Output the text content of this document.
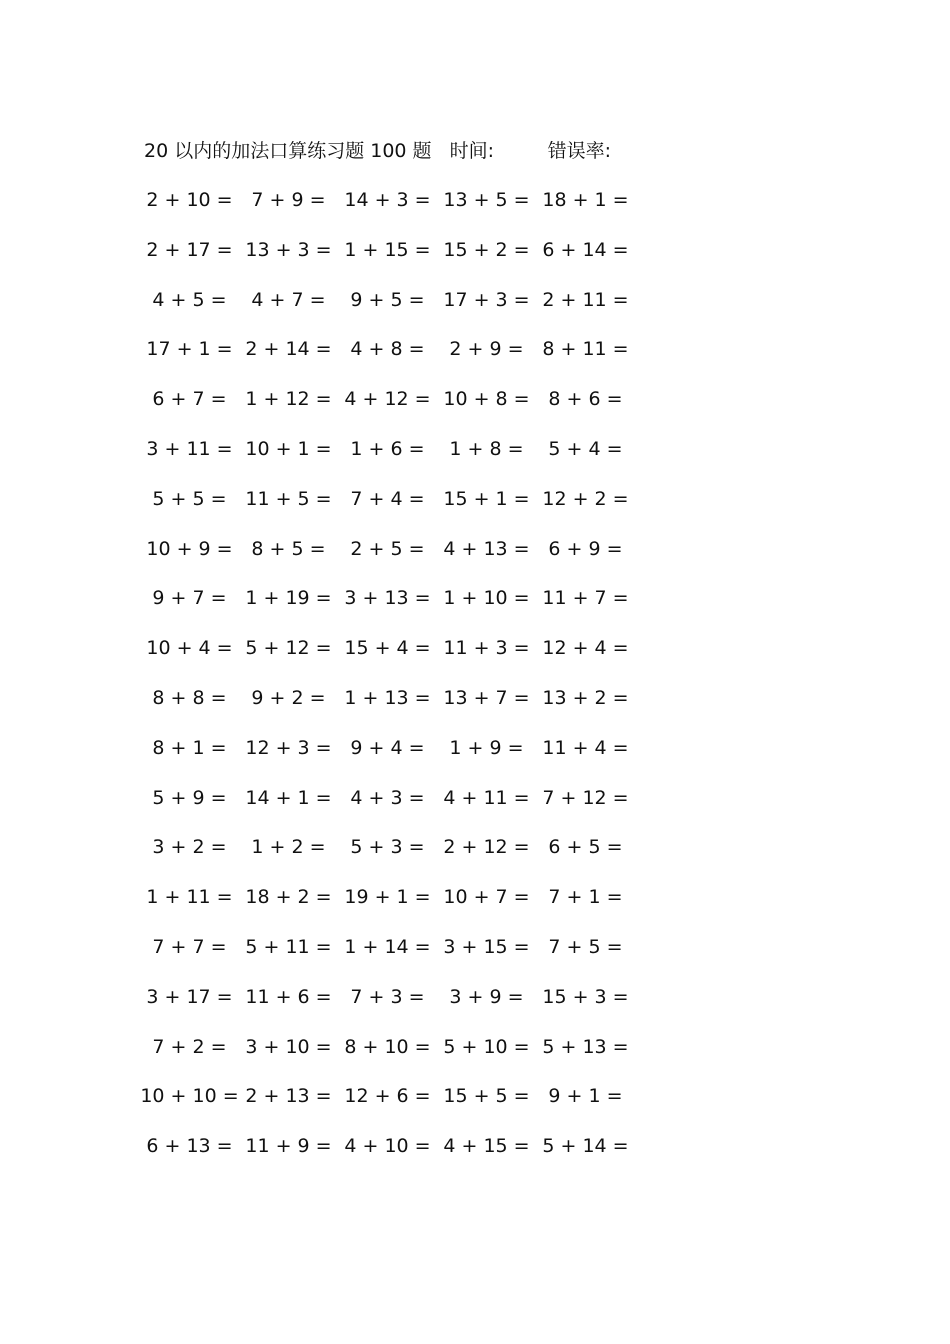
20 以内的加法口算练习题 100 题 时间:	错误率:
2 + 10 = 7 + 9 = 14 + 3 = 13 + 5 = 18 + 1 =
2 + 17 = 13 + 3 = 1 + 15 = 15 + 2 = 6 + 14 =
4 + 5 =	4 + 7 =	9 + 5 = 17 + 3 = 2 + 11 =
17 + 1 = 2 + 14 = 4 + 8 =	2 + 9 = 8 + 11 =
6 + 7 = 1 + 12 = 4 + 12 = 10 + 8 = 8 + 6 =
3 + 11 = 10 + 1 = 1 + 6 =	1 + 8 =	5 + 4 =
5 + 5 = 11 + 5 = 7 + 4 = 15 + 1 = 12 + 2 =
10 + 9 = 8 + 5 =	2 + 5 = 4 + 13 = 6 + 9 =
9 + 7 = 1 + 19 = 3 + 13 = 1 + 10 = 11 + 7 =
10 + 4 = 5 + 12 = 15 + 4 = 11 + 3 = 12 + 4 =
8 + 8 =	9 + 2 = 1 + 13 = 13 + 7 = 13 + 2 =
8 + 1 = 12 + 3 = 9 + 4 =	1 + 9 = 11 + 4 =
5 + 9 = 14 + 1 = 4 + 3 = 4 + 11 = 7 + 12 =
3 + 2 =	1 + 2 =	5 + 3 = 2 + 12 = 6 + 5 =
1 + 11 = 18 + 2 = 19 + 1 = 10 + 7 = 7 + 1 =
7 + 7 = 5 + 11 = 1 + 14 = 3 + 15 = 7 + 5 =
3 + 17 = 11 + 6 = 7 + 3 =	3 + 9 = 15 + 3 =
7 + 2 = 3 + 10 = 8 + 10 = 5 + 10 = 5 + 13 =
10 + 10 = 2 + 13 = 12 + 6 = 15 + 5 = 9 + 1 =
6 + 13 = 11 + 9 = 4 + 10 = 4 + 15 = 5 + 14 =
